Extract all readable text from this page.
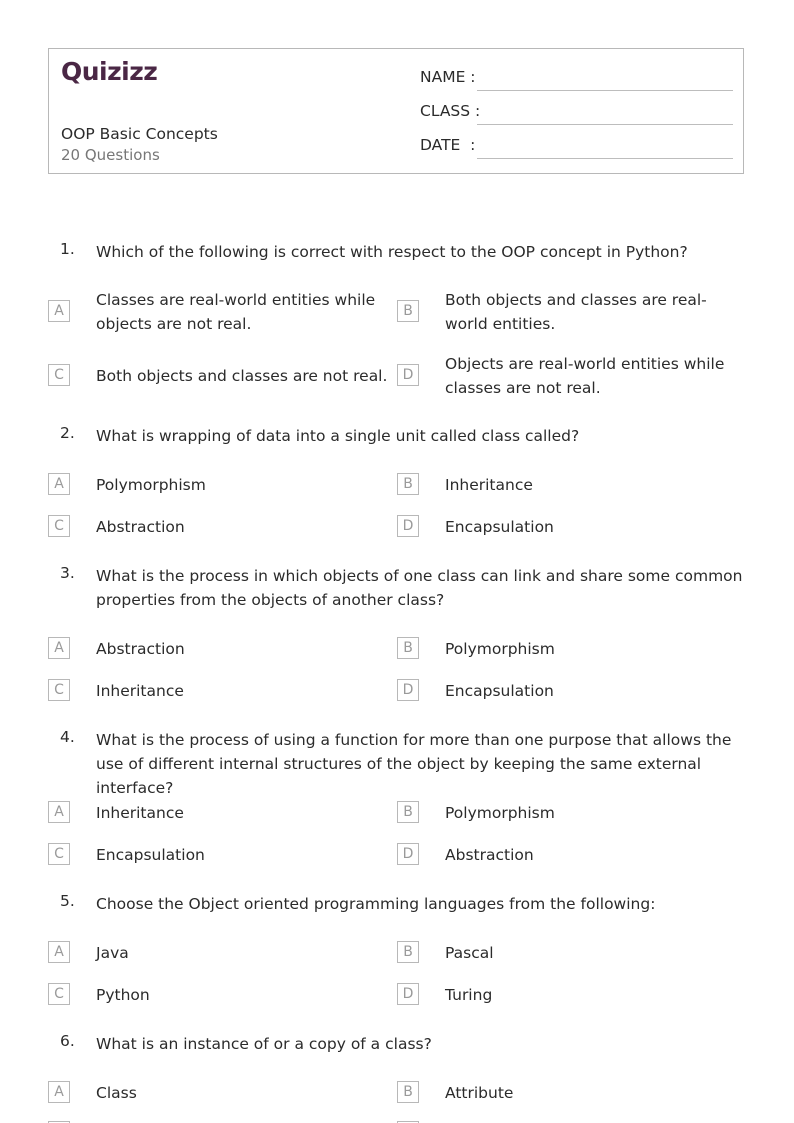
Quizizz
OOP Basic Concepts
20 Questions
NAME :
CLASS :
DATE  :
1. Which of the following is correct with respect to the OOP concept in Python?
A
Classes are real-world entities while objects are not real.
B
Both objects and classes are real-world entities.
C	Both objects and classes are not real.	D
Objects are real-world entities while classes are not real.
2. What is wrapping of data into a single unit called class called?
A	Polymorphism	B	Inheritance
C	Abstraction	D	Encapsulation
3. What is the process in which objects of one class can link and share some common properties from the objects of another class?
A	Abstraction	B	Polymorphism
C	Inheritance	D	Encapsulation
4. What is the process of using a function for more than one purpose that allows the use of different internal structures of the object by keeping the same external interface?
A	Inheritance	B	Polymorphism
C	Encapsulation	D	Abstraction
5. Choose the Object oriented programming languages from the following:
A	Java	B	Pascal
C	Python	D	Turing
6. What is an instance of or a copy of a class?
A	Class	B	Attribute
